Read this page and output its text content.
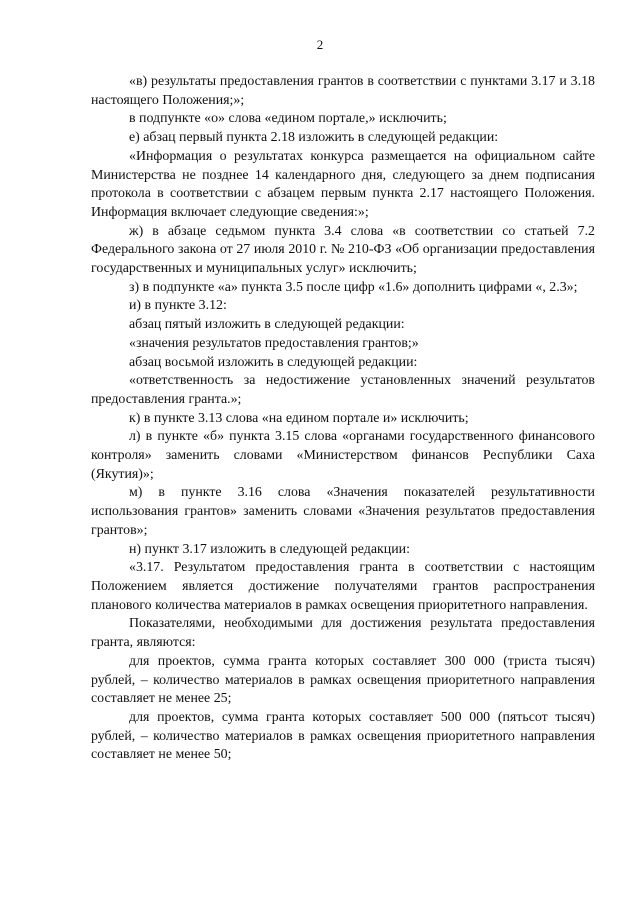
2

«в) результаты предоставления грантов в соответствии с пунктами 3.17 и 3.18 настоящего Положения;»;

в подпункте «о» слова «едином портале,» исключить;

е) абзац первый пункта 2.18 изложить в следующей редакции:

«Информация о результатах конкурса размещается на официальном сайте Министерства не позднее 14 календарного дня, следующего за днем подписания протокола в соответствии с абзацем первым пункта 2.17 настоящего Положения. Информация включает следующие сведения:»;

ж) в абзаце седьмом пункта 3.4 слова «в соответствии со статьей 7.2 Федерального закона от 27 июля 2010 г. № 210-ФЗ «Об организации предоставления государственных и муниципальных услуг» исключить;

з) в подпункте «а» пункта 3.5 после цифр «1.6» дополнить цифрами «, 2.3»;

и) в пункте 3.12:

абзац пятый изложить в следующей редакции:

«значения результатов предоставления грантов;»

абзац восьмой изложить в следующей редакции:

«ответственность за недостижение установленных значений результатов предоставления гранта.»;

к) в пункте 3.13 слова «на едином портале и» исключить;

л) в пункте «б» пункта 3.15 слова «органами государственного финансового контроля» заменить словами «Министерством финансов Республики Саха (Якутия)»;

м) в пункте 3.16 слова «Значения показателей результативности использования грантов» заменить словами «Значения результатов предоставления грантов»;

н) пункт 3.17 изложить в следующей редакции:

«3.17. Результатом предоставления гранта в соответствии с настоящим Положением является достижение получателями грантов распространения планового количества материалов в рамках освещения приоритетного направления.

Показателями, необходимыми для достижения результата предоставления гранта, являются:

для проектов, сумма гранта которых составляет 300 000 (триста тысяч) рублей, – количество материалов в рамках освещения приоритетного направления составляет не менее 25;

для проектов, сумма гранта которых составляет 500 000 (пятьсот тысяч) рублей, – количество материалов в рамках освещения приоритетного направления составляет не менее 50;
